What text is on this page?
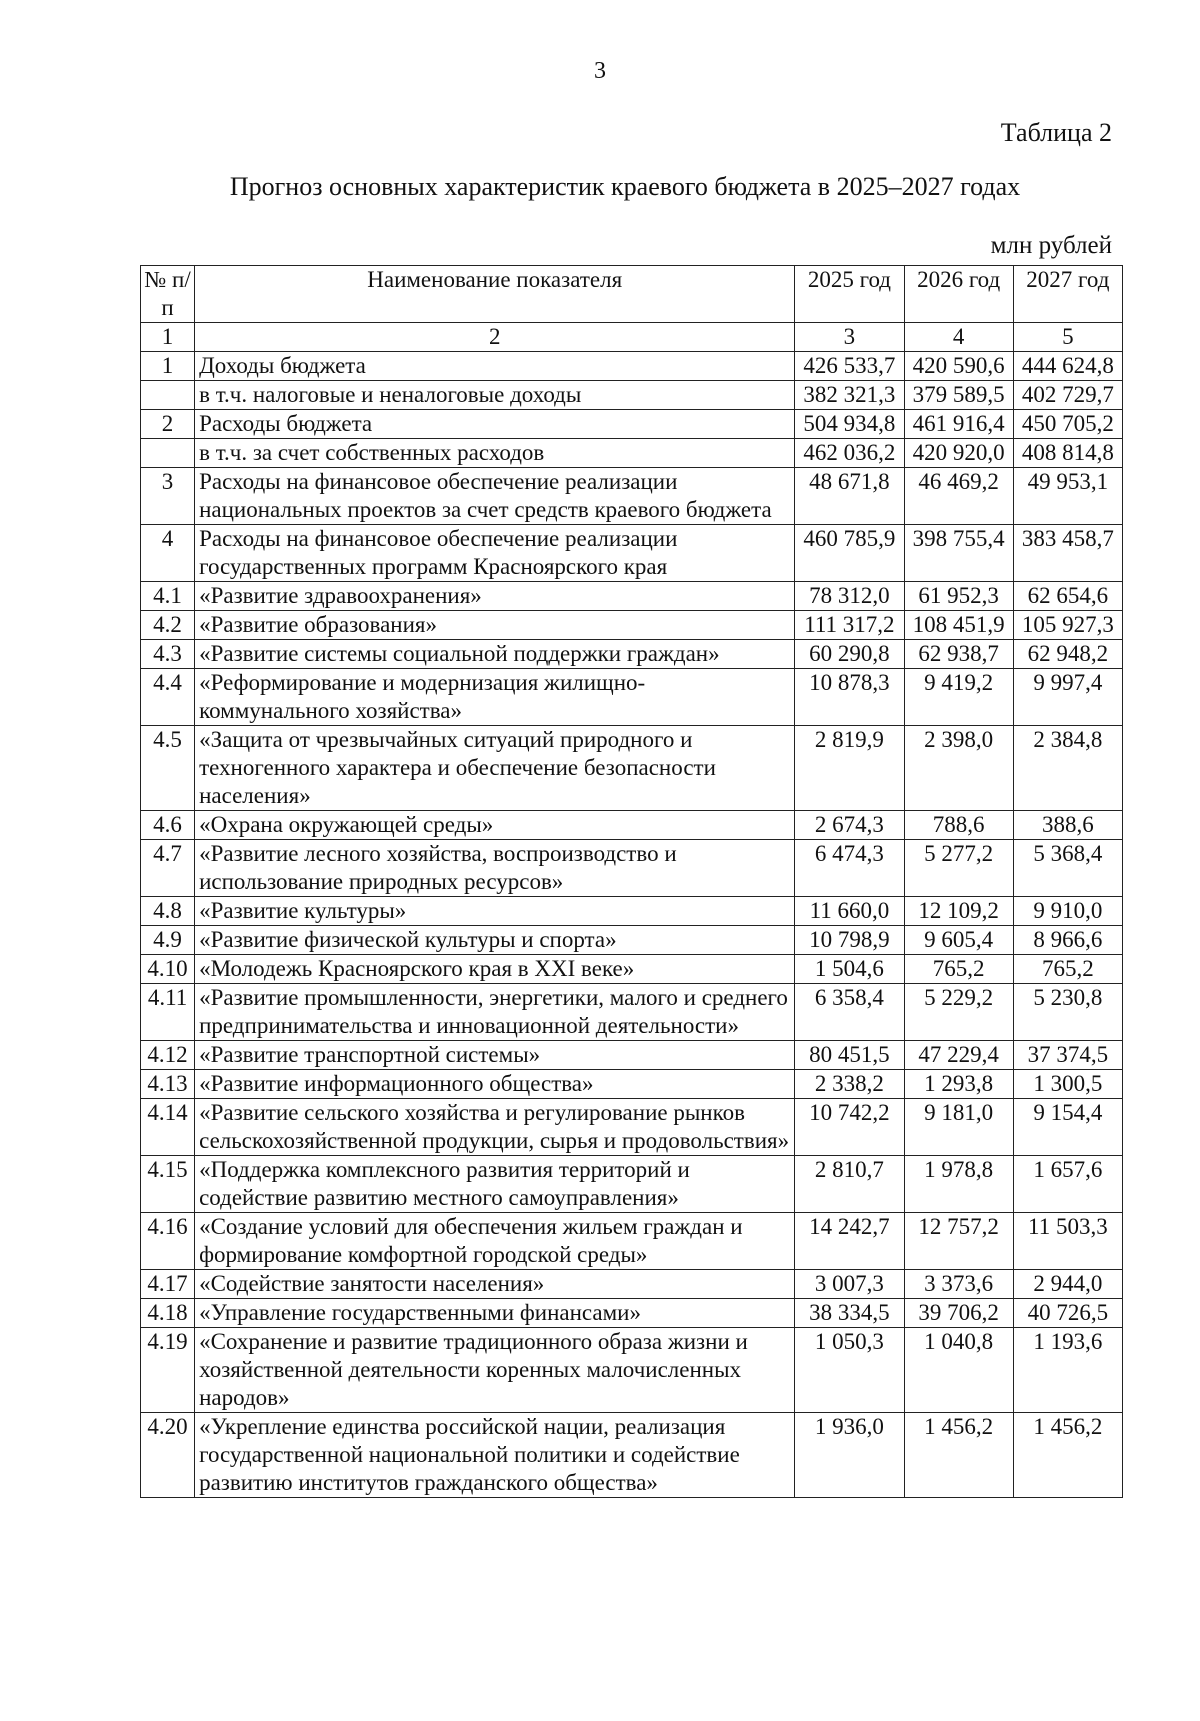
3
Таблица 2
Прогноз основных характеристик краевого бюджета в 2025–2027 годах
млн рублей
№ п/п	Наименование показателя	2025 год	2026 год	2027 год
1	2	3	4	5
1	Доходы бюджета	426 533,7	420 590,6	444 624,8
	в т.ч. налоговые и неналоговые доходы	382 321,3	379 589,5	402 729,7
2	Расходы бюджета	504 934,8	461 916,4	450 705,2
	в т.ч. за счет собственных расходов	462 036,2	420 920,0	408 814,8
3	Расходы на финансовое обеспечение реализации национальных проектов за счет средств краевого бюджета	48 671,8	46 469,2	49 953,1
4	Расходы на финансовое обеспечение реализации государственных программ Красноярского края	460 785,9	398 755,4	383 458,7
4.1	«Развитие здравоохранения»	78 312,0	61 952,3	62 654,6
4.2	«Развитие образования»	111 317,2	108 451,9	105 927,3
4.3	«Развитие системы социальной поддержки граждан»	60 290,8	62 938,7	62 948,2
4.4	«Реформирование и модернизация жилищно-коммунального хозяйства»	10 878,3	9 419,2	9 997,4
4.5	«Защита от чрезвычайных ситуаций природного и техногенного характера и обеспечение безопасности населения»	2 819,9	2 398,0	2 384,8
4.6	«Охрана окружающей среды»	2 674,3	788,6	388,6
4.7	«Развитие лесного хозяйства, воспроизводство и использование природных ресурсов»	6 474,3	5 277,2	5 368,4
4.8	«Развитие культуры»	11 660,0	12 109,2	9 910,0
4.9	«Развитие физической культуры и спорта»	10 798,9	9 605,4	8 966,6
4.10	«Молодежь Красноярского края в XXI веке»	1 504,6	765,2	765,2
4.11	«Развитие промышленности, энергетики, малого и среднего предпринимательства и инновационной деятельности»	6 358,4	5 229,2	5 230,8
4.12	«Развитие транспортной системы»	80 451,5	47 229,4	37 374,5
4.13	«Развитие информационного общества»	2 338,2	1 293,8	1 300,5
4.14	«Развитие сельского хозяйства и регулирование рынков сельскохозяйственной продукции, сырья и продовольствия»	10 742,2	9 181,0	9 154,4
4.15	«Поддержка комплексного развития территорий и содействие развитию местного самоуправления»	2 810,7	1 978,8	1 657,6
4.16	«Создание условий для обеспечения жильем граждан и формирование комфортной городской среды»	14 242,7	12 757,2	11 503,3
4.17	«Содействие занятости населения»	3 007,3	3 373,6	2 944,0
4.18	«Управление государственными финансами»	38 334,5	39 706,2	40 726,5
4.19	«Сохранение и развитие традиционного образа жизни и хозяйственной деятельности коренных малочисленных народов»	1 050,3	1 040,8	1 193,6
4.20	«Укрепление единства российской нации, реализация государственной национальной политики и содействие развитию институтов гражданского общества»	1 936,0	1 456,2	1 456,2
